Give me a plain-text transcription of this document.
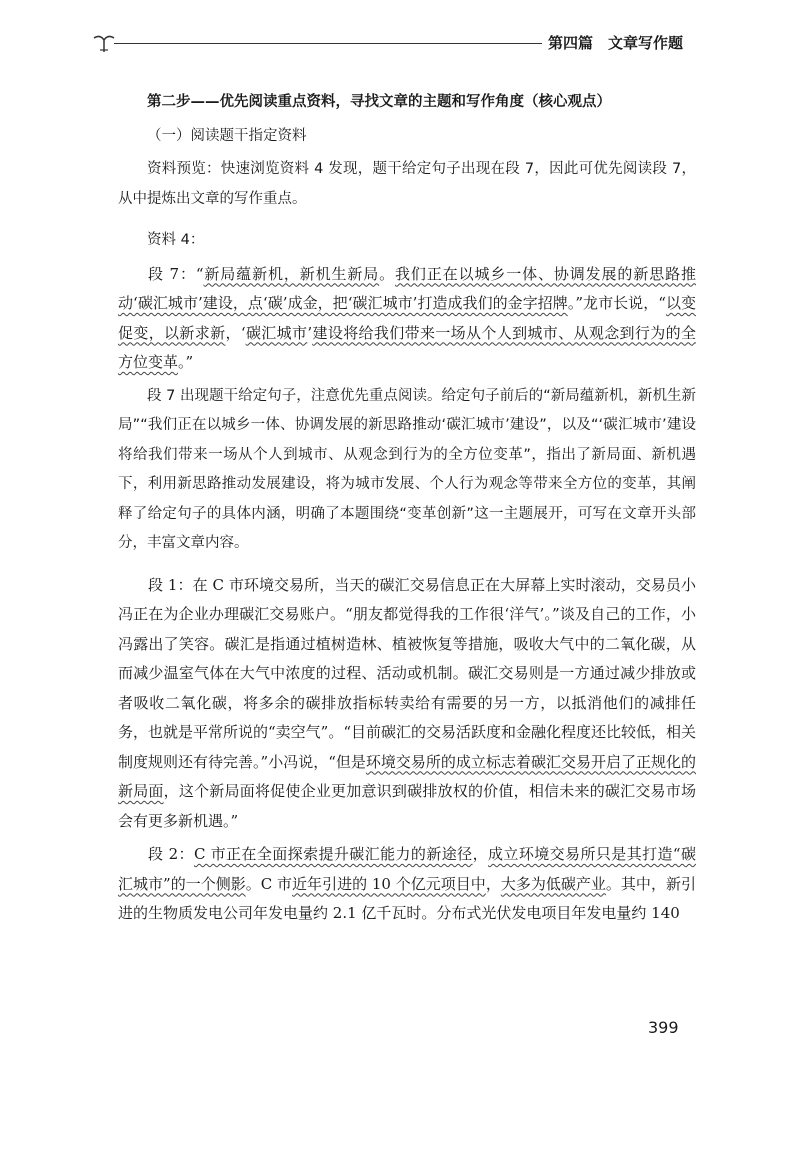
第四篇　文章写作题

第二步——优先阅读重点资料，寻找文章的主题和写作角度（核心观点）

（一）阅读题干指定资料

资料预览：快速浏览资料 4 发现，题干给定句子出现在段 7，因此可优先阅读段 7，从中提炼出文章的写作重点。

资料 4：

段 7：“新局蕴新机，新机生新局。我们正在以城乡一体、协调发展的新思路推动‘碳汇城市’建设，点‘碳’成金，把‘碳汇城市’打造成我们的金字招牌。”龙市长说，“以变促变，以新求新，‘碳汇城市’建设将给我们带来一场从个人到城市、从观念到行为的全方位变革。”

段 7 出现题干给定句子，注意优先重点阅读。给定句子前后的“新局蕴新机，新机生新局”“我们正在以城乡一体、协调发展的新思路推动‘碳汇城市’建设”，以及“‘碳汇城市’建设将给我们带来一场从个人到城市、从观念到行为的全方位变革”，指出了新局面、新机遇下，利用新思路推动发展建设，将为城市发展、个人行为观念等带来全方位的变革，其阐释了给定句子的具体内涵，明确了本题围绕“变革创新”这一主题展开，可写在文章开头部分，丰富文章内容。

段 1：在 C 市环境交易所，当天的碳汇交易信息正在大屏幕上实时滚动，交易员小冯正在为企业办理碳汇交易账户。“朋友都觉得我的工作很‘洋气’。”谈及自己的工作，小冯露出了笑容。碳汇是指通过植树造林、植被恢复等措施，吸收大气中的二氧化碳，从而减少温室气体在大气中浓度的过程、活动或机制。碳汇交易则是一方通过减少排放或者吸收二氧化碳，将多余的碳排放指标转卖给有需要的另一方，以抵消他们的减排任务，也就是平常所说的“卖空气”。“目前碳汇的交易活跃度和金融化程度还比较低，相关制度规则还有待完善。”小冯说，“但是环境交易所的成立标志着碳汇交易开启了正规化的新局面，这个新局面将促使企业更加意识到碳排放权的价值，相信未来的碳汇交易市场会有更多新机遇。”

段 2：C 市正在全面探索提升碳汇能力的新途径，成立环境交易所只是其打造“碳汇城市”的一个侧影。C 市近年引进的 10 个亿元项目中，大多为低碳产业。其中，新引进的生物质发电公司年发电量约 2.1 亿千瓦时。分布式光伏发电项目年发电量约 140

399
